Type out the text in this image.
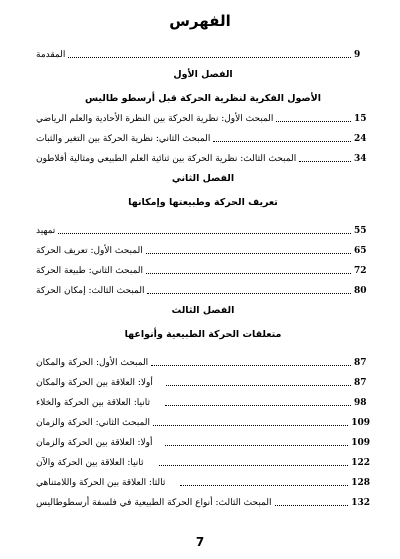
الفهرس
المقدمة	9
الفصل الأول
الأصول الفكرية لنظرية الحركة قبل أرسطو طاليس
المبحث الأول: نظرية الحركة بين النظرة الأحادية والعلم الرياضي	15
المبحث الثاني: نظرية الحركة بين التغير والثبات	24
المبحث الثالث: نظرية الحركة بين ثنائية العلم الطبيعي ومثالية أفلاطون	34
الفصل الثاني
تعريف الحركة وطبيعتها وإمكانها
تمهيد	55
المبحث الأول: تعريف الحركة	65
المبحث الثاني: طبيعة الحركة	72
المبحث الثالث: إمكان الحركة	80
الفصل الثالث
متعلقات الحركة الطبيعية وأنواعها
المبحث الأول: الحركة والمكان	87
أولا: العلاقة بين الحركة والمكان	87
ثانيا: العلاقة بين الحركة والخلاء	98
المبحث الثاني: الحركة والزمان	109
أولا: العلاقة بين الحركة والزمان	109
ثانيا: العلاقة بين الحركة والآن	122
ثالثا: العلاقة بين الحركة واللامتناهي	128
المبحث الثالث: أنواع الحركة الطبيعية في فلسفة أرسطوطاليس	132
7
